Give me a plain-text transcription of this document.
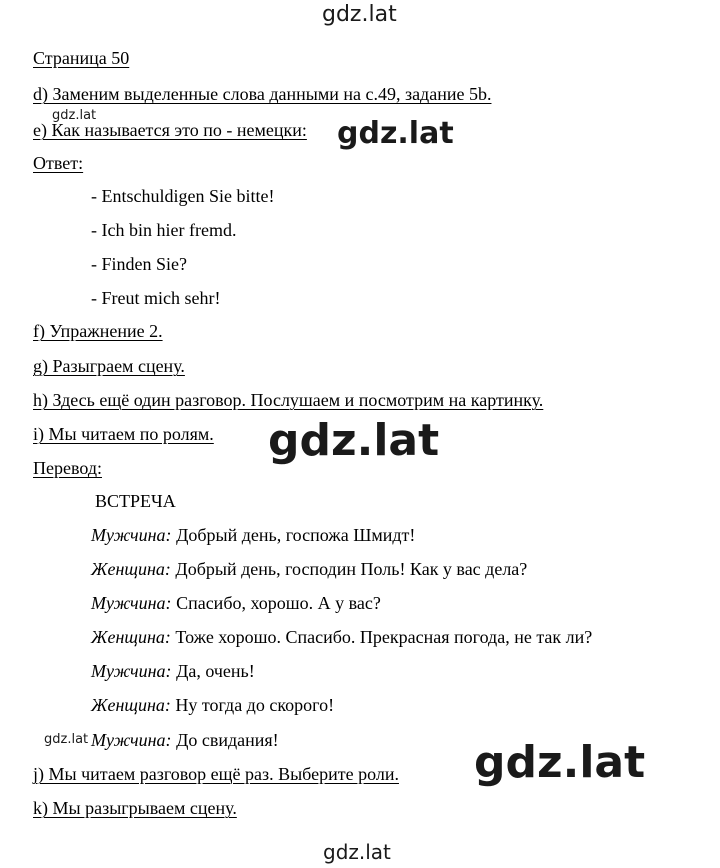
gdz.lat
Страница 50
d) Заменим выделенные слова данными на с.49, задание 5b.
e) Как называется это по - немецки:
gdz.lat
gdz.lat
Ответ:
- Entschuldigen Sie bitte!
- Ich bin hier fremd.
- Finden Sie?
- Freut mich sehr!
f) Упражнение 2.
g) Разыграем сцену.
h) Здесь ещё один разговор. Послушаем и посмотрим на картинку.
i) Мы читаем по ролям. gdz.lat
Перевод:
ВСТРЕЧА
Мужчина: Добрый день, госпожа Шмидт!
Женщина: Добрый день, господин Поль! Как у вас дела?
Мужчина: Спасибо, хорошо. А у вас?
Женщина: Тоже хорошо. Спасибо. Прекрасная погода, не так ли?
Мужчина: Да, очень!
Женщина: Ну тогда до скорого!
gdz.lat Мужчина: До свидания!	gdz.lat
j) Мы читаем разговор ещё раз. Выберите роли.
k) Мы разыгрываем сцену.
gdz.lat
